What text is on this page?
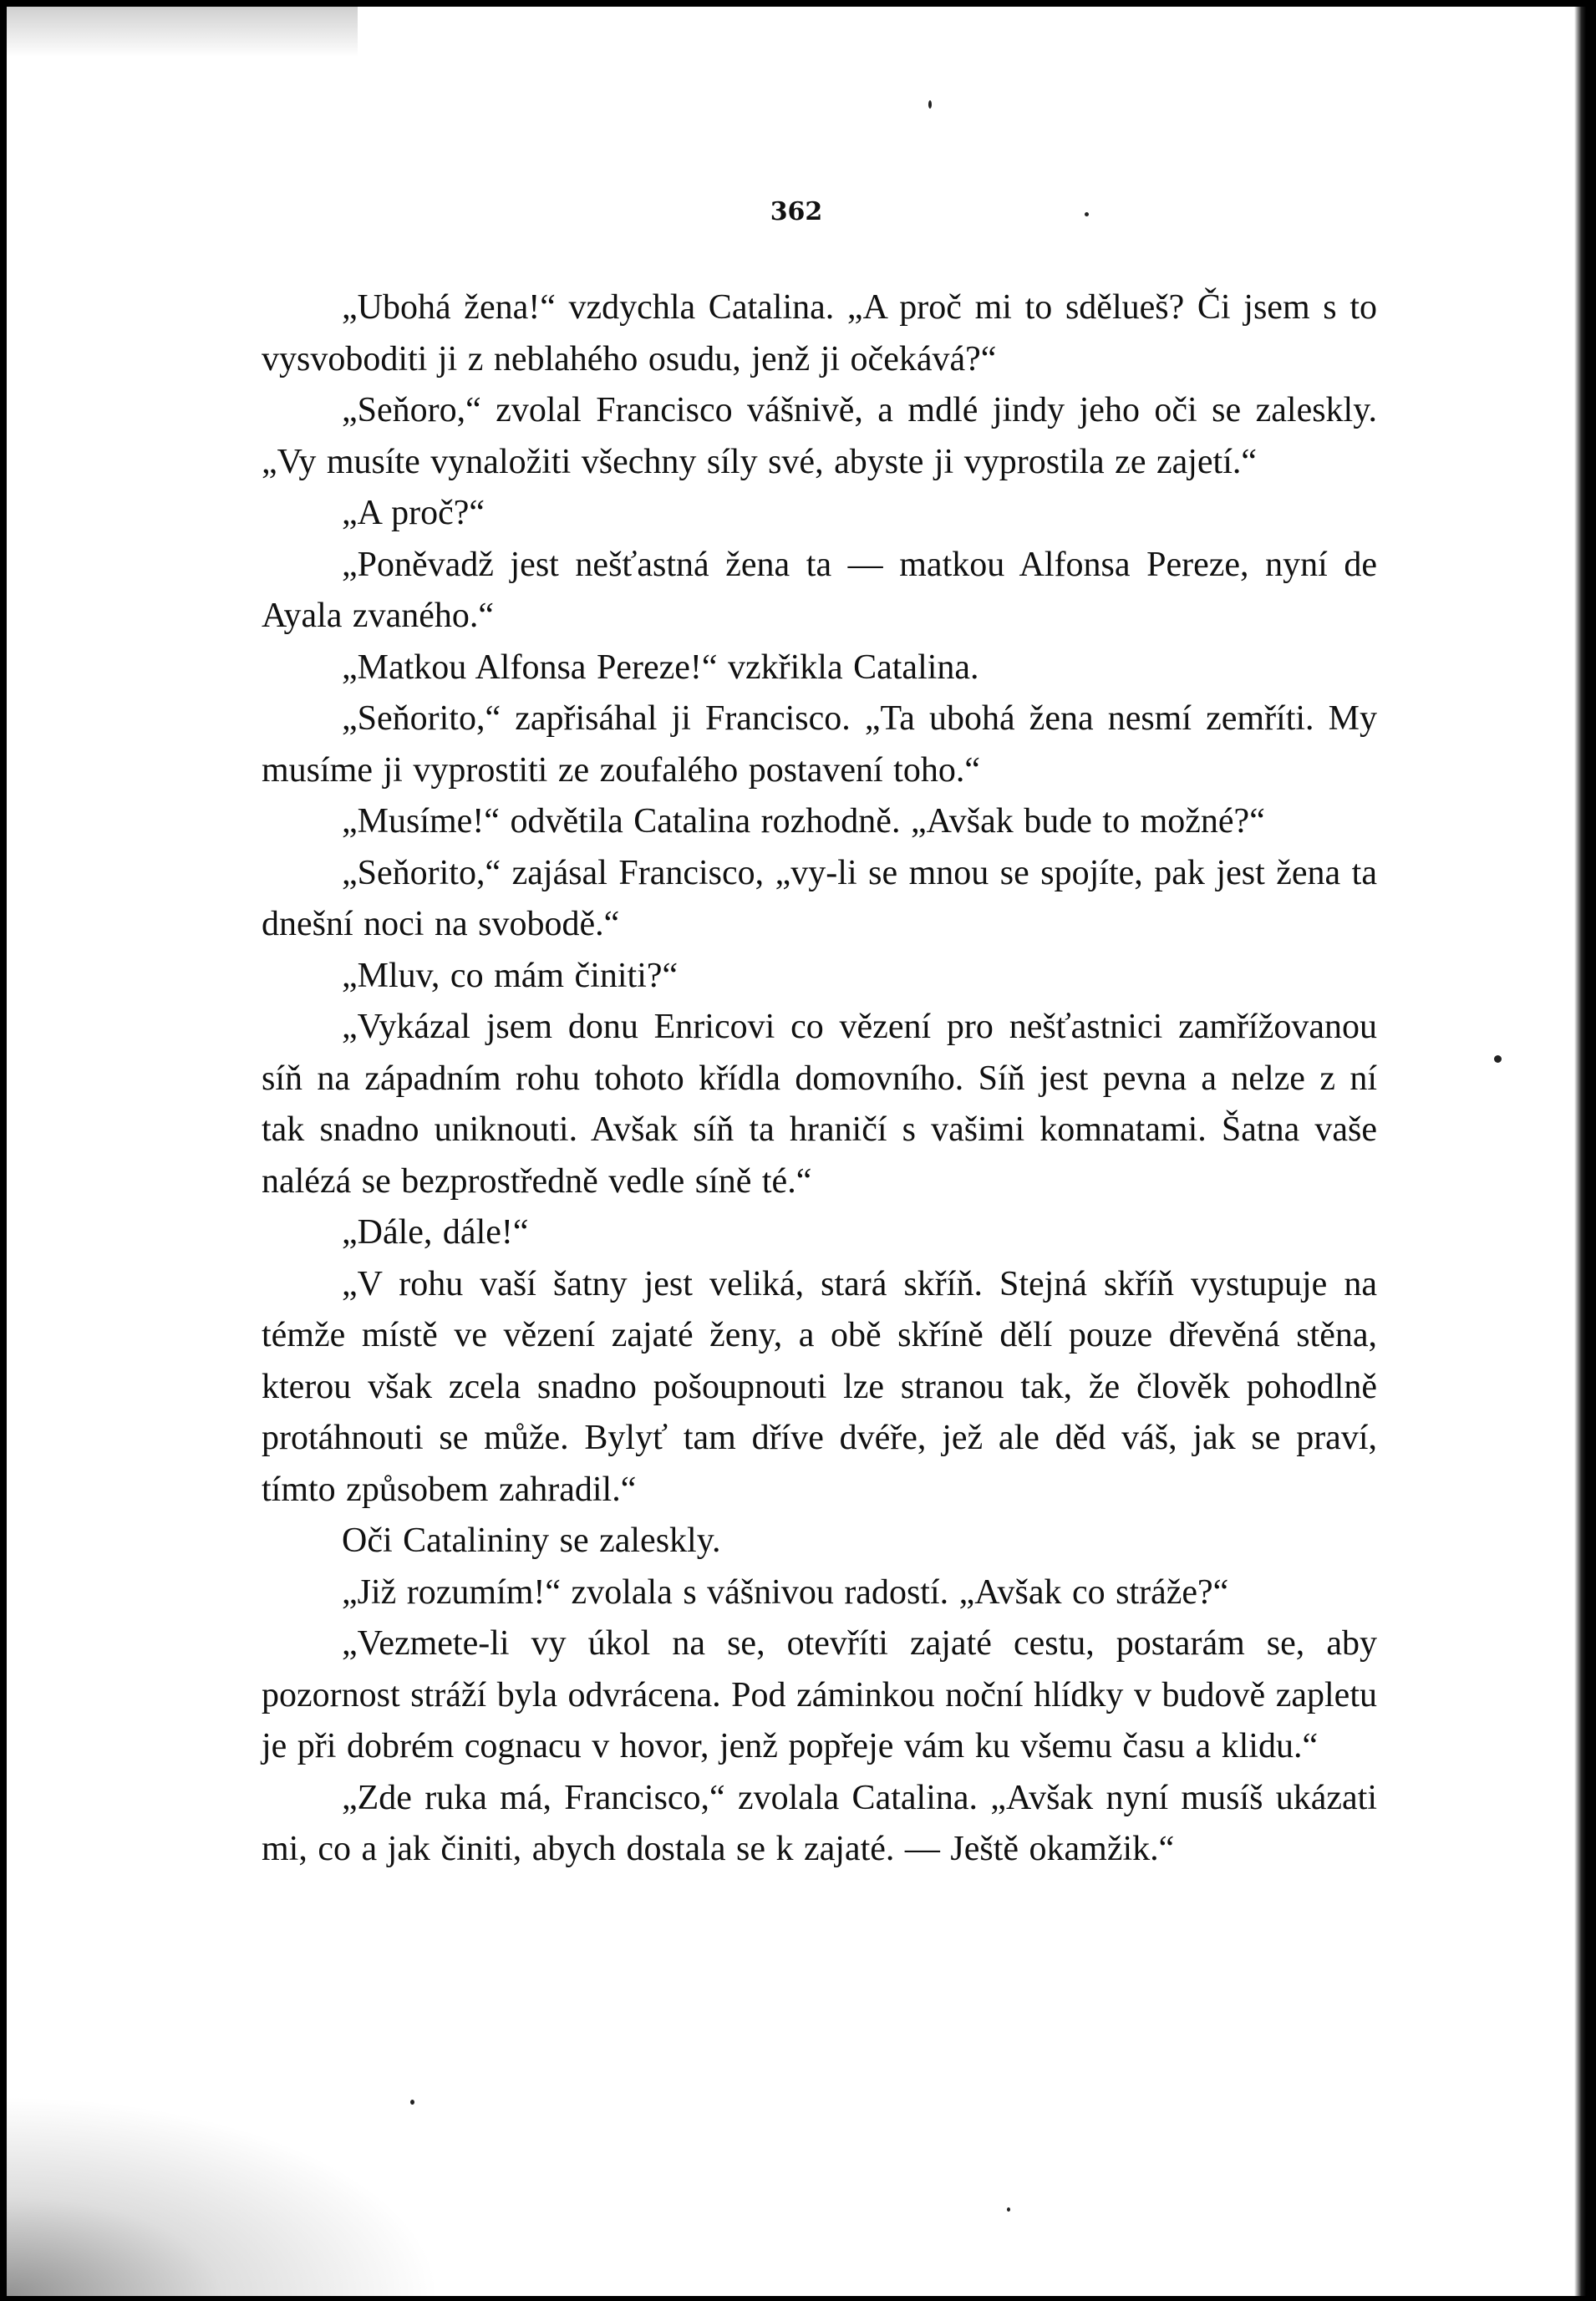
362

„Ubohá žena!“ vzdychla Catalina. „A proč mi to sdělueš? Či jsem s to vysvoboditi ji z neblahého osudu, jenž ji očekává?“

„Seňoro,“ zvolal Francisco vášnivě, a mdlé jindy jeho oči se zaleskly. „Vy musíte vynaložiti všechny síly své, abyste ji vyprostila ze zajetí.“

„A proč?“

„Poněvadž jest nešťastná žena ta — matkou Alfonsa Pereze, nyní de Ayala zvaného.“

„Matkou Alfonsa Pereze!“ vzkřikla Catalina.

„Seňorito,“ zapřisáhal ji Francisco. „Ta ubohá žena nesmí zemříti. My musíme ji vyprostiti ze zoufalého postavení toho.“

„Musíme!“ odvětila Catalina rozhodně. „Avšak bude to možné?“

„Seňorito,“ zajásal Francisco, „vy-li se mnou se spojíte, pak jest žena ta dnešní noci na svobodě.“

„Mluv, co mám činiti?“

„Vykázal jsem donu Enricovi co vězení pro nešťastnici zamřížovanou síň na západním rohu tohoto křídla domovního. Síň jest pevna a nelze z ní tak snadno uniknouti. Avšak síň ta hraničí s vašimi komnatami. Šatna vaše nalézá se bezprostředně vedle síně té.“

„Dále, dále!“

„V rohu vaší šatny jest veliká, stará skříň. Stejná skříň vystupuje na témže místě ve vězení zajaté ženy, a obě skříně dělí pouze dřevěná stěna, kterou však zcela snadno pošoupnouti lze stranou tak, že člověk pohodlně protáhnouti se může. Bylyť tam dříve dvéře, jež ale děd váš, jak se praví, tímto způsobem zahradil.“

Oči Catalininy se zaleskly.

„Již rozumím!“ zvolala s vášnivou radostí. „Avšak co stráže?“

„Vezmete-li vy úkol na se, otevříti zajaté cestu, postarám se, aby pozornost stráží byla odvrácena. Pod záminkou noční hlídky v budově zapletu je při dobrém cognacu v hovor, jenž popřeje vám ku všemu času a klidu.“

„Zde ruka má, Francisco,“ zvolala Catalina. „Avšak nyní musíš ukázati mi, co a jak činiti, abych dostala se k zajaté. — Ještě okamžik.“
